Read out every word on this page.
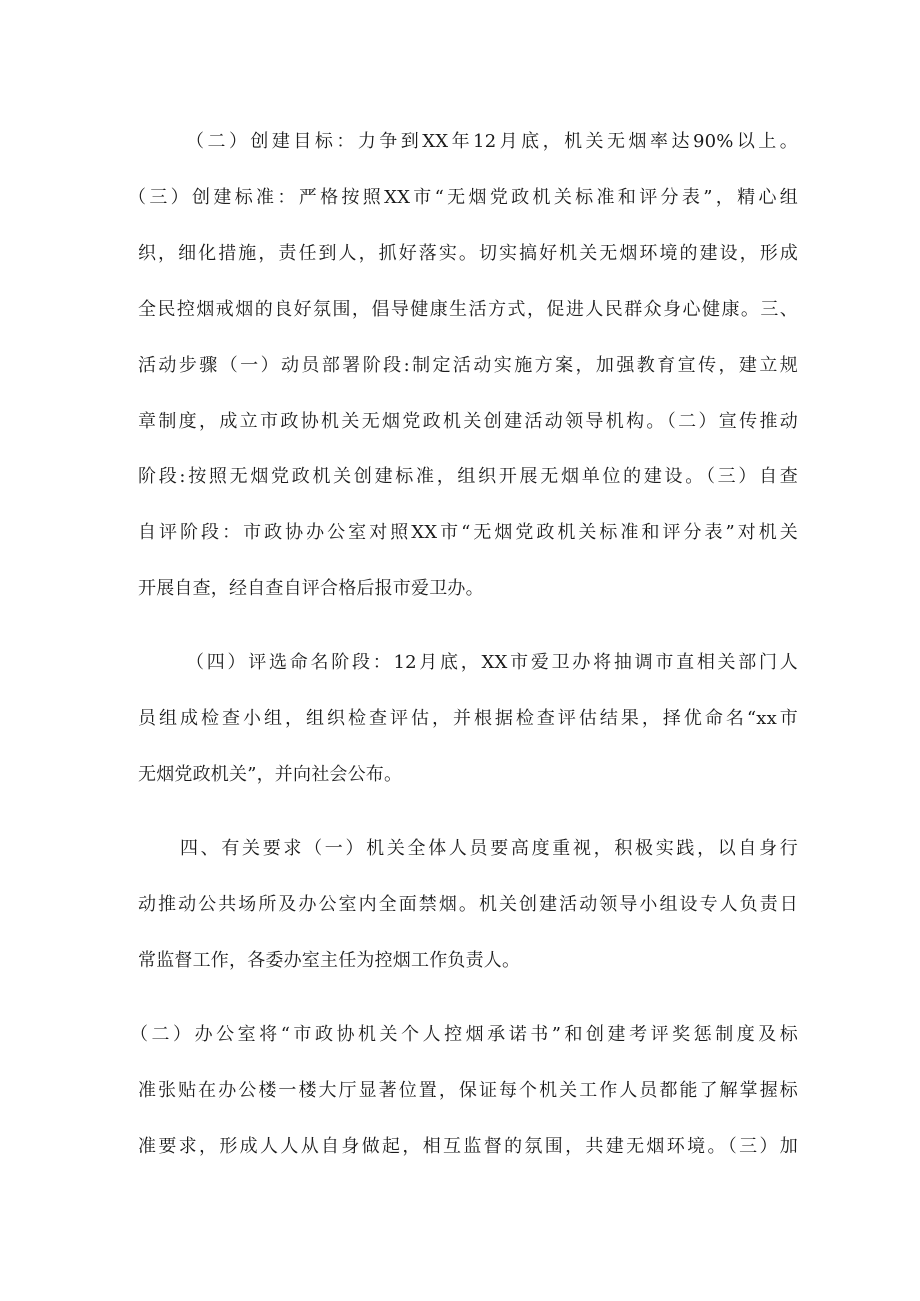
（二）创建目标：力争到XX年12月底，机关无烟率达90%以上。
（三）创建标准：严格按照XX市“无烟党政机关标准和评分表”，精心组
织，细化措施，责任到人，抓好落实。切实搞好机关无烟环境的建设，形成
全民控烟戒烟的良好氛围，倡导健康生活方式，促进人民群众身心健康。三、
活动步骤（一）动员部署阶段:制定活动实施方案，加强教育宣传，建立规
章制度，成立市政协机关无烟党政机关创建活动领导机构。（二）宣传推动
阶段:按照无烟党政机关创建标准，组织开展无烟单位的建设。（三）自查
自评阶段：市政协办公室对照XX市“无烟党政机关标准和评分表”对机关
开展自查，经自查自评合格后报市爱卫办。
（四）评选命名阶段：12月底，XX市爱卫办将抽调市直相关部门人
员组成检查小组，组织检查评估，并根据检查评估结果，择优命名“xx市
无烟党政机关”，并向社会公布。
四、有关要求（一）机关全体人员要高度重视，积极实践，以自身行
动推动公共场所及办公室内全面禁烟。机关创建活动领导小组设专人负责日
常监督工作，各委办室主任为控烟工作负责人。
（二）办公室将“市政协机关个人控烟承诺书”和创建考评奖惩制度及标
准张贴在办公楼一楼大厅显著位置，保证每个机关工作人员都能了解掌握标
准要求，形成人人从自身做起，相互监督的氛围，共建无烟环境。（三）加
